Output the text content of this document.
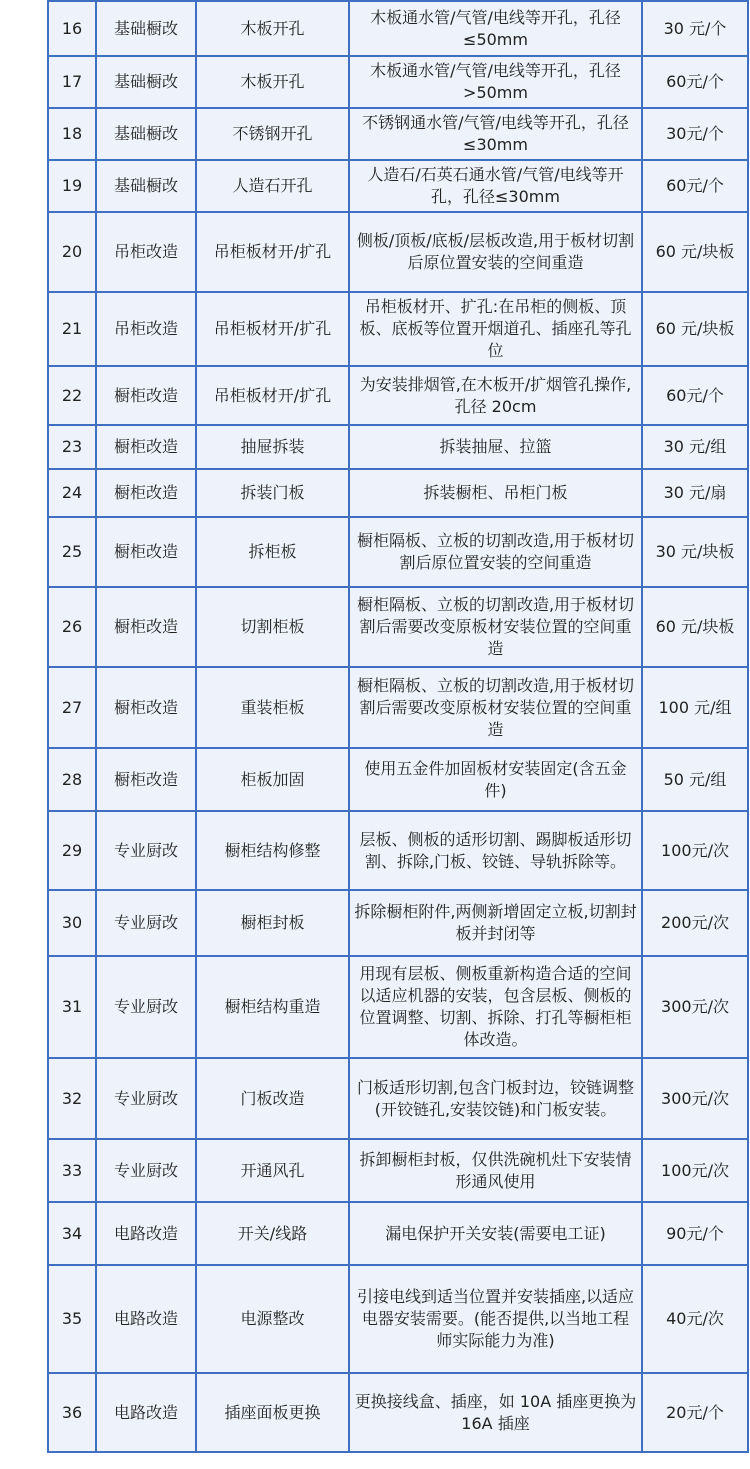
16	基础橱改	木板开孔	木板通水管/气管/电线等开孔，孔径≤50mm	30 元/个
17	基础橱改	木板开孔	木板通水管/气管/电线等开孔，孔径>50mm	60元/个
18	基础橱改	不锈钢开孔	不锈钢通水管/气管/电线等开孔，孔径≤30mm	30元/个
19	基础橱改	人造石开孔	人造石/石英石通水管/气管/电线等开孔，孔径≤30mm	60元/个
20	吊柜改造	吊柜板材开/扩孔	侧板/顶板/底板/层板改造,用于板材切割后原位置安装的空间重造	60 元/块板
21	吊柜改造	吊柜板材开/扩孔	吊柜板材开、扩孔:在吊柜的侧板、顶板、底板等位置开烟道孔、插座孔等孔位	60 元/块板
22	橱柜改造	吊柜板材开/扩孔	为安装排烟管,在木板开/扩烟管孔操作,孔径 20cm	60元/个
23	橱柜改造	抽屉拆装	拆装抽屉、拉篮	30 元/组
24	橱柜改造	拆装门板	拆装橱柜、吊柜门板	30 元/扇
25	橱柜改造	拆柜板	橱柜隔板、立板的切割改造,用于板材切割后原位置安装的空间重造	30 元/块板
26	橱柜改造	切割柜板	橱柜隔板、立板的切割改造,用于板材切割后需要改变原板材安装位置的空间重造	60 元/块板
27	橱柜改造	重装柜板	橱柜隔板、立板的切割改造,用于板材切割后需要改变原板材安装位置的空间重造	100 元/组
28	橱柜改造	柜板加固	使用五金件加固板材安装固定(含五金件)	50 元/组
29	专业厨改	橱柜结构修整	层板、侧板的适形切割、踢脚板适形切割、拆除,门板、铰链、导轨拆除等。	100元/次
30	专业厨改	橱柜封板	拆除橱柜附件,两侧新增固定立板,切割封板并封闭等	200元/次
31	专业厨改	橱柜结构重造	用现有层板、侧板重新构造合适的空间以适应机器的安装，包含层板、侧板的位置调整、切割、拆除、打孔等橱柜柜体改造。	300元/次
32	专业厨改	门板改造	门板适形切割,包含门板封边，铰链调整(开铰链孔,安装饺链)和门板安装。	300元/次
33	专业厨改	开通风孔	拆卸橱柜封板，仅供洗碗机灶下安装情形通风使用	100元/次
34	电路改造	开关/线路	漏电保护开关安装(需要电工证)	90元/个
35	电路改造	电源整改	引接电线到适当位置并安装插座,以适应电器安装需要。(能否提供,以当地工程师实际能力为准)	40元/次
36	电路改造	插座面板更换	更换接线盒、插座，如 10A 插座更换为 16A 插座	20元/个
